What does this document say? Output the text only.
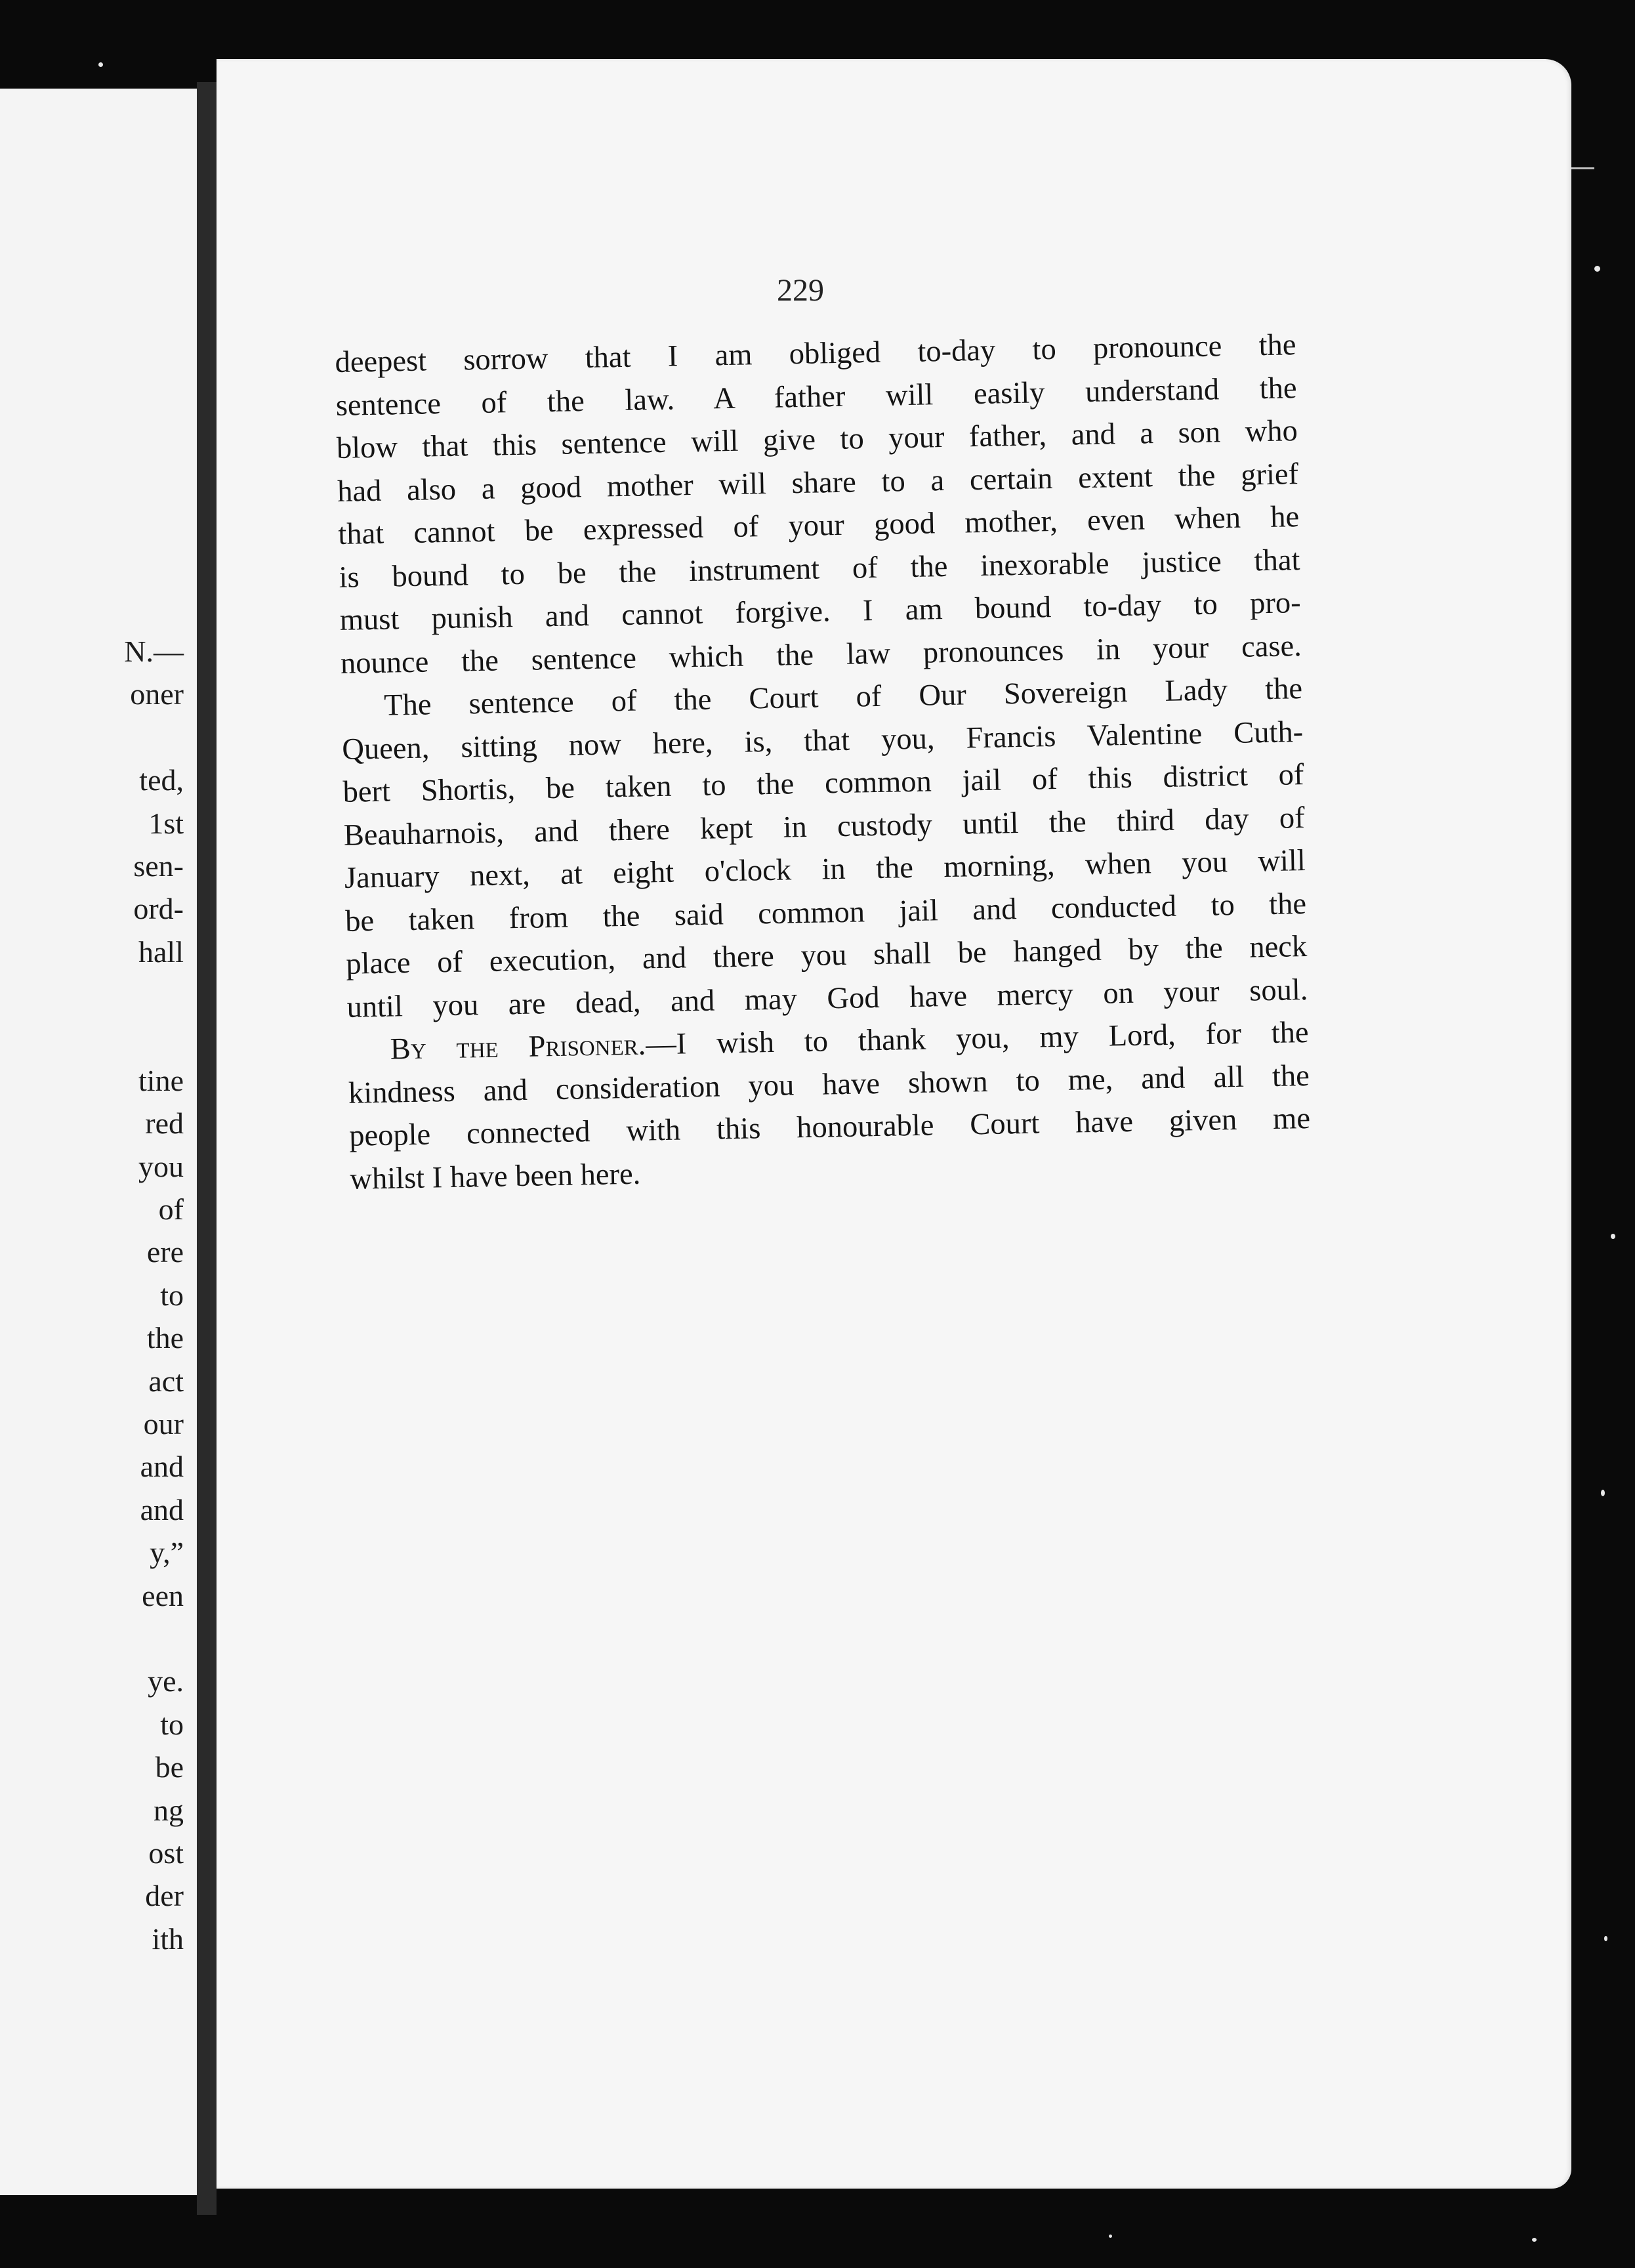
N.—
oner
ted,
1st
sen-
ord-
hall
tine
red
you
of
ere
to
the
act
our
and
and
y,”
een
ye.
to
be
ng
ost
der
ith
229
deepest sorrow that I am obliged to-day to pronounce the
sentence of the law. A father will easily understand the
blow that this sentence will give to your father, and a son who
had also a good mother will share to a certain extent the grief
that cannot be expressed of your good mother, even when he
is bound to be the instrument of the inexorable justice that
must punish and cannot forgive. I am bound to-day to pro-
nounce the sentence which the law pronounces in your case.
The sentence of the Court of Our Sovereign Lady the
Queen, sitting now here, is, that you, Francis Valentine Cuth-
bert Shortis, be taken to the common jail of this district of
Beauharnois, and there kept in custody until the third day of
January next, at eight o'clock in the morning, when you will
be taken from the said common jail and conducted to the
place of execution, and there you shall be hanged by the neck
until you are dead, and may God have mercy on your soul.
By the Prisoner.—I wish to thank you, my Lord, for the
kindness and consideration you have shown to me, and all the
people connected with this honourable Court have given me
whilst I have been here.
